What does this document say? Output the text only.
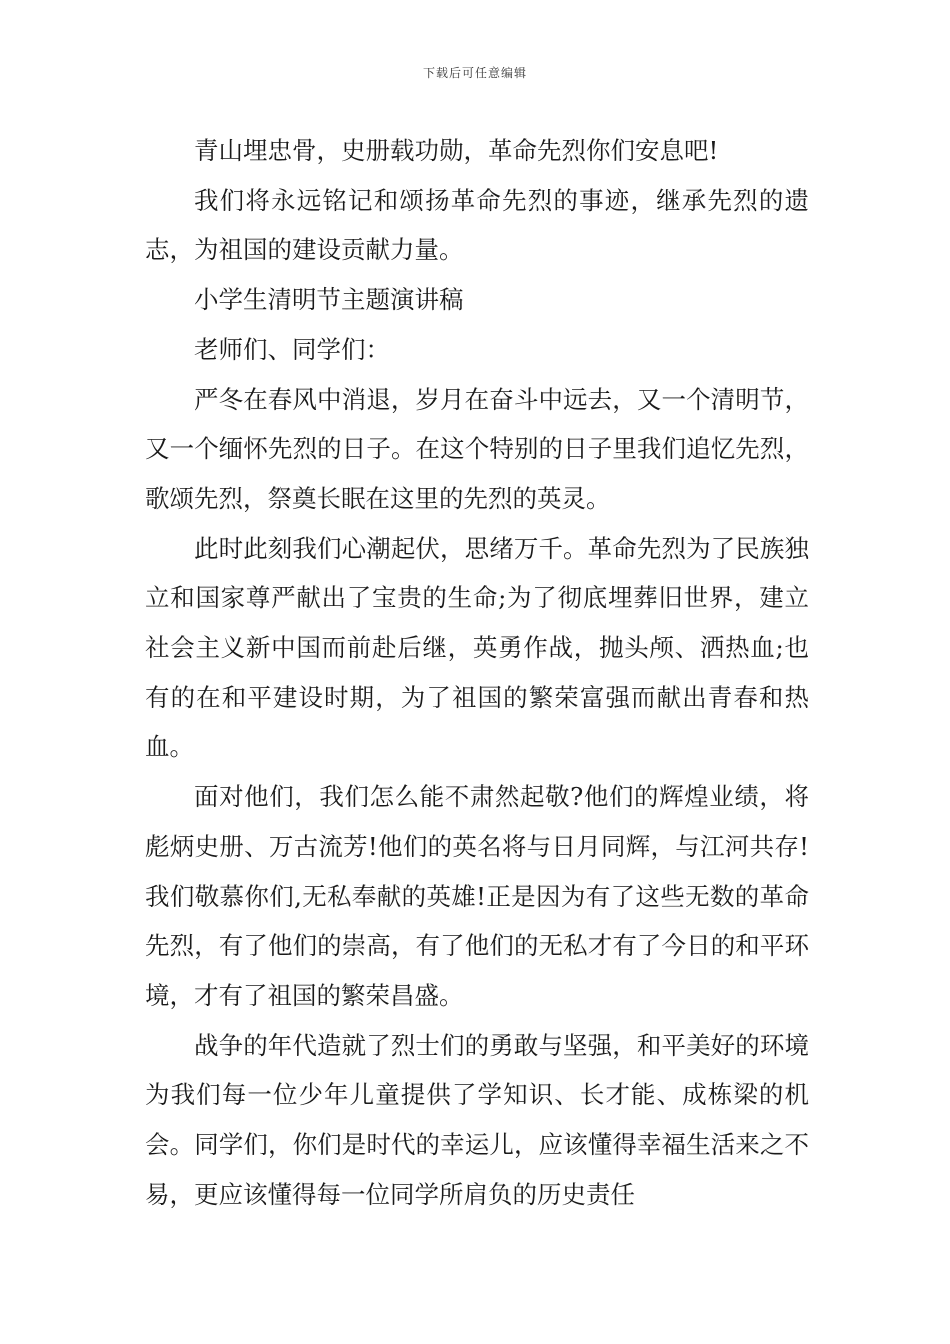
下载后可任意编辑

青山埋忠骨，史册载功勋，革命先烈你们安息吧!

我们将永远铭记和颂扬革命先烈的事迹，继承先烈的遗志，为祖国的建设贡献力量。

小学生清明节主题演讲稿

老师们、同学们：

严冬在春风中消退，岁月在奋斗中远去，又一个清明节，又一个缅怀先烈的日子。在这个特别的日子里我们追忆先烈，歌颂先烈，祭奠长眠在这里的先烈的英灵。

此时此刻我们心潮起伏，思绪万千。革命先烈为了民族独立和国家尊严献出了宝贵的生命;为了彻底埋葬旧世界，建立社会主义新中国而前赴后继，英勇作战，抛头颅、洒热血;也有的在和平建设时期，为了祖国的繁荣富强而献出青春和热血。

面对他们，我们怎么能不肃然起敬?他们的辉煌业绩，将彪炳史册、万古流芳!他们的英名将与日月同辉，与江河共存!我们敬慕你们,无私奉献的英雄!正是因为有了这些无数的革命先烈，有了他们的崇高，有了他们的无私才有了今日的和平环境，才有了祖国的繁荣昌盛。

战争的年代造就了烈士们的勇敢与坚强，和平美好的环境为我们每一位少年儿童提供了学知识、长才能、成栋梁的机会。同学们，你们是时代的幸运儿，应该懂得幸福生活来之不易，更应该懂得每一位同学所肩负的历史责任
